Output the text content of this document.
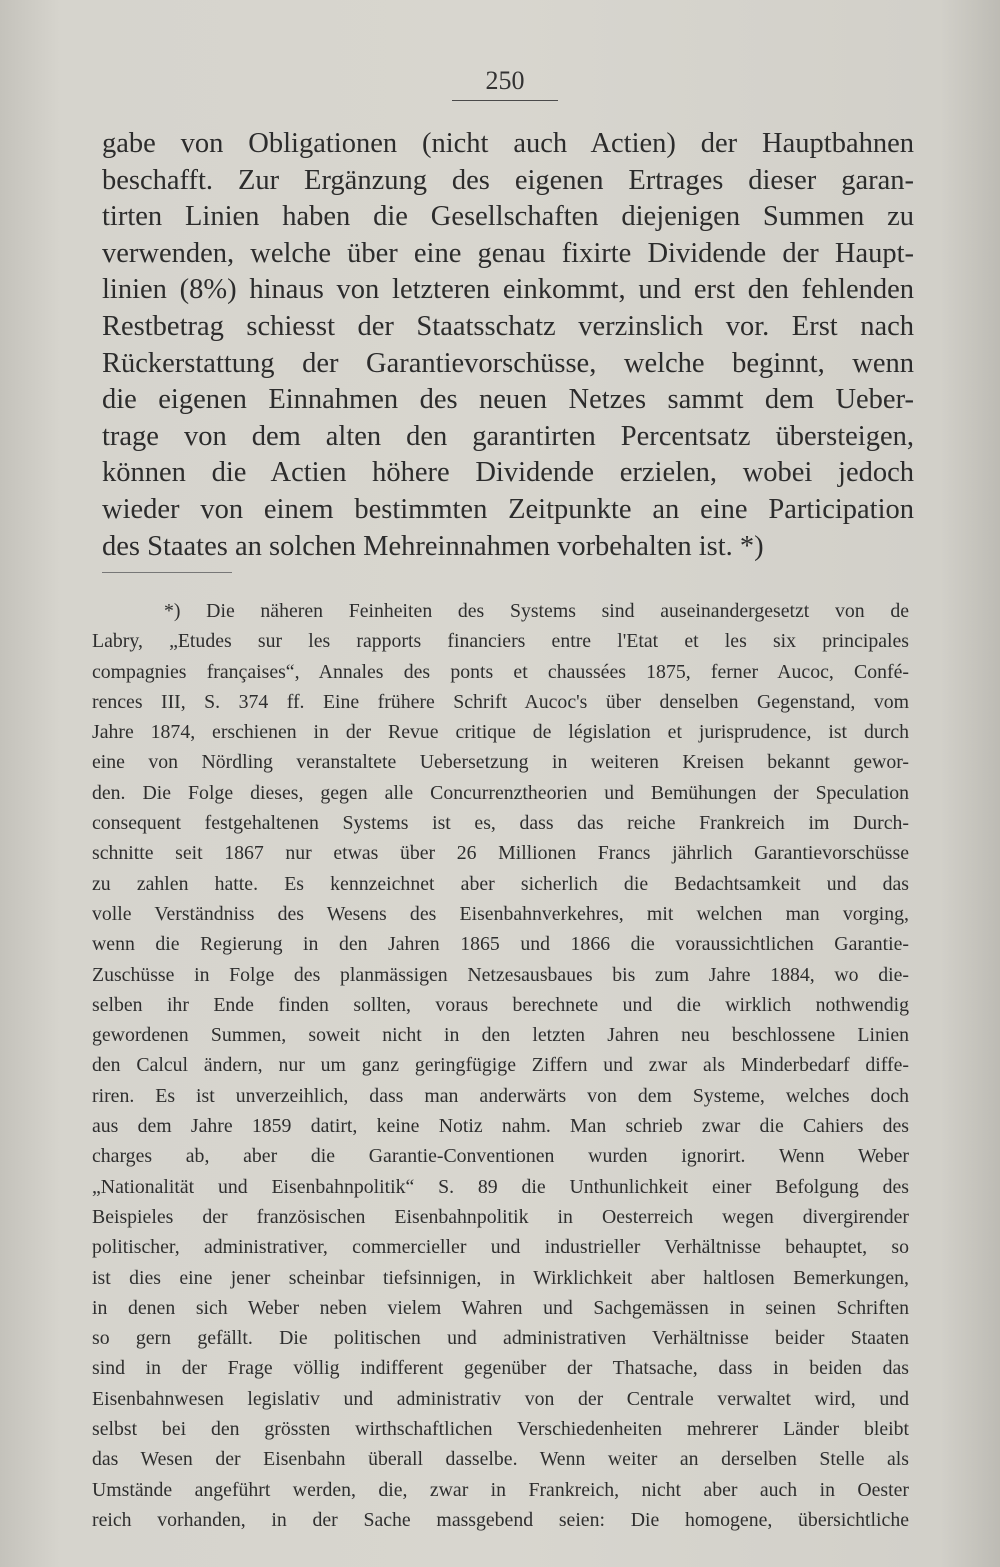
250
gabe von Obligationen (nicht auch Actien) der Hauptbahnen
beschafft. Zur Ergänzung des eigenen Ertrages dieser garan-
tirten Linien haben die Gesellschaften diejenigen Summen zu
verwenden, welche über eine genau fixirte Dividende der Haupt-
linien (8%) hinaus von letzteren einkommt, und erst den fehlenden
Restbetrag schiesst der Staatsschatz verzinslich vor. Erst nach
Rückerstattung der Garantievorschüsse, welche beginnt, wenn
die eigenen Einnahmen des neuen Netzes sammt dem Ueber-
trage von dem alten den garantirten Percentsatz übersteigen,
können die Actien höhere Dividende erzielen, wobei jedoch
wieder von einem bestimmten Zeitpunkte an eine Participation
des Staates an solchen Mehreinnahmen vorbehalten ist. *)
*) Die näheren Feinheiten des Systems sind auseinandergesetzt von de
Labry, „Etudes sur les rapports financiers entre l'Etat et les six principales
compagnies françaises“, Annales des ponts et chaussées 1875, ferner Aucoc, Confé-
rences III, S. 374 ff. Eine frühere Schrift Aucoc's über denselben Gegenstand, vom
Jahre 1874, erschienen in der Revue critique de législation et jurisprudence, ist durch
eine von Nördling veranstaltete Uebersetzung in weiteren Kreisen bekannt gewor-
den. Die Folge dieses, gegen alle Concurrenztheorien und Bemühungen der Speculation
consequent festgehaltenen Systems ist es, dass das reiche Frankreich im Durch-
schnitte seit 1867 nur etwas über 26 Millionen Francs jährlich Garantievorschüsse
zu zahlen hatte. Es kennzeichnet aber sicherlich die Bedachtsamkeit und das
volle Verständniss des Wesens des Eisenbahnverkehres, mit welchen man vorging,
wenn die Regierung in den Jahren 1865 und 1866 die voraussichtlichen Garantie-
Zuschüsse in Folge des planmässigen Netzesausbaues bis zum Jahre 1884, wo die-
selben ihr Ende finden sollten, voraus berechnete und die wirklich nothwendig
gewordenen Summen, soweit nicht in den letzten Jahren neu beschlossene Linien
den Calcul ändern, nur um ganz geringfügige Ziffern und zwar als Minderbedarf diffe-
riren. Es ist unverzeihlich, dass man anderwärts von dem Systeme, welches doch
aus dem Jahre 1859 datirt, keine Notiz nahm. Man schrieb zwar die Cahiers des
charges ab, aber die Garantie-Conventionen wurden ignorirt. Wenn Weber
„Nationalität und Eisenbahnpolitik“ S. 89 die Unthunlichkeit einer Befolgung des
Beispieles der französischen Eisenbahnpolitik in Oesterreich wegen divergirender
politischer, administrativer, commercieller und industrieller Verhältnisse behauptet, so
ist dies eine jener scheinbar tiefsinnigen, in Wirklichkeit aber haltlosen Bemerkungen,
in denen sich Weber neben vielem Wahren und Sachgemässen in seinen Schriften
so gern gefällt. Die politischen und administrativen Verhältnisse beider Staaten
sind in der Frage völlig indifferent gegenüber der Thatsache, dass in beiden das
Eisenbahnwesen legislativ und administrativ von der Centrale verwaltet wird, und
selbst bei den grössten wirthschaftlichen Verschiedenheiten mehrerer Länder bleibt
das Wesen der Eisenbahn überall dasselbe. Wenn weiter an derselben Stelle als
Umstände angeführt werden, die, zwar in Frankreich, nicht aber auch in Oester
reich vorhanden, in der Sache massgebend seien: Die homogene, übersichtliche
